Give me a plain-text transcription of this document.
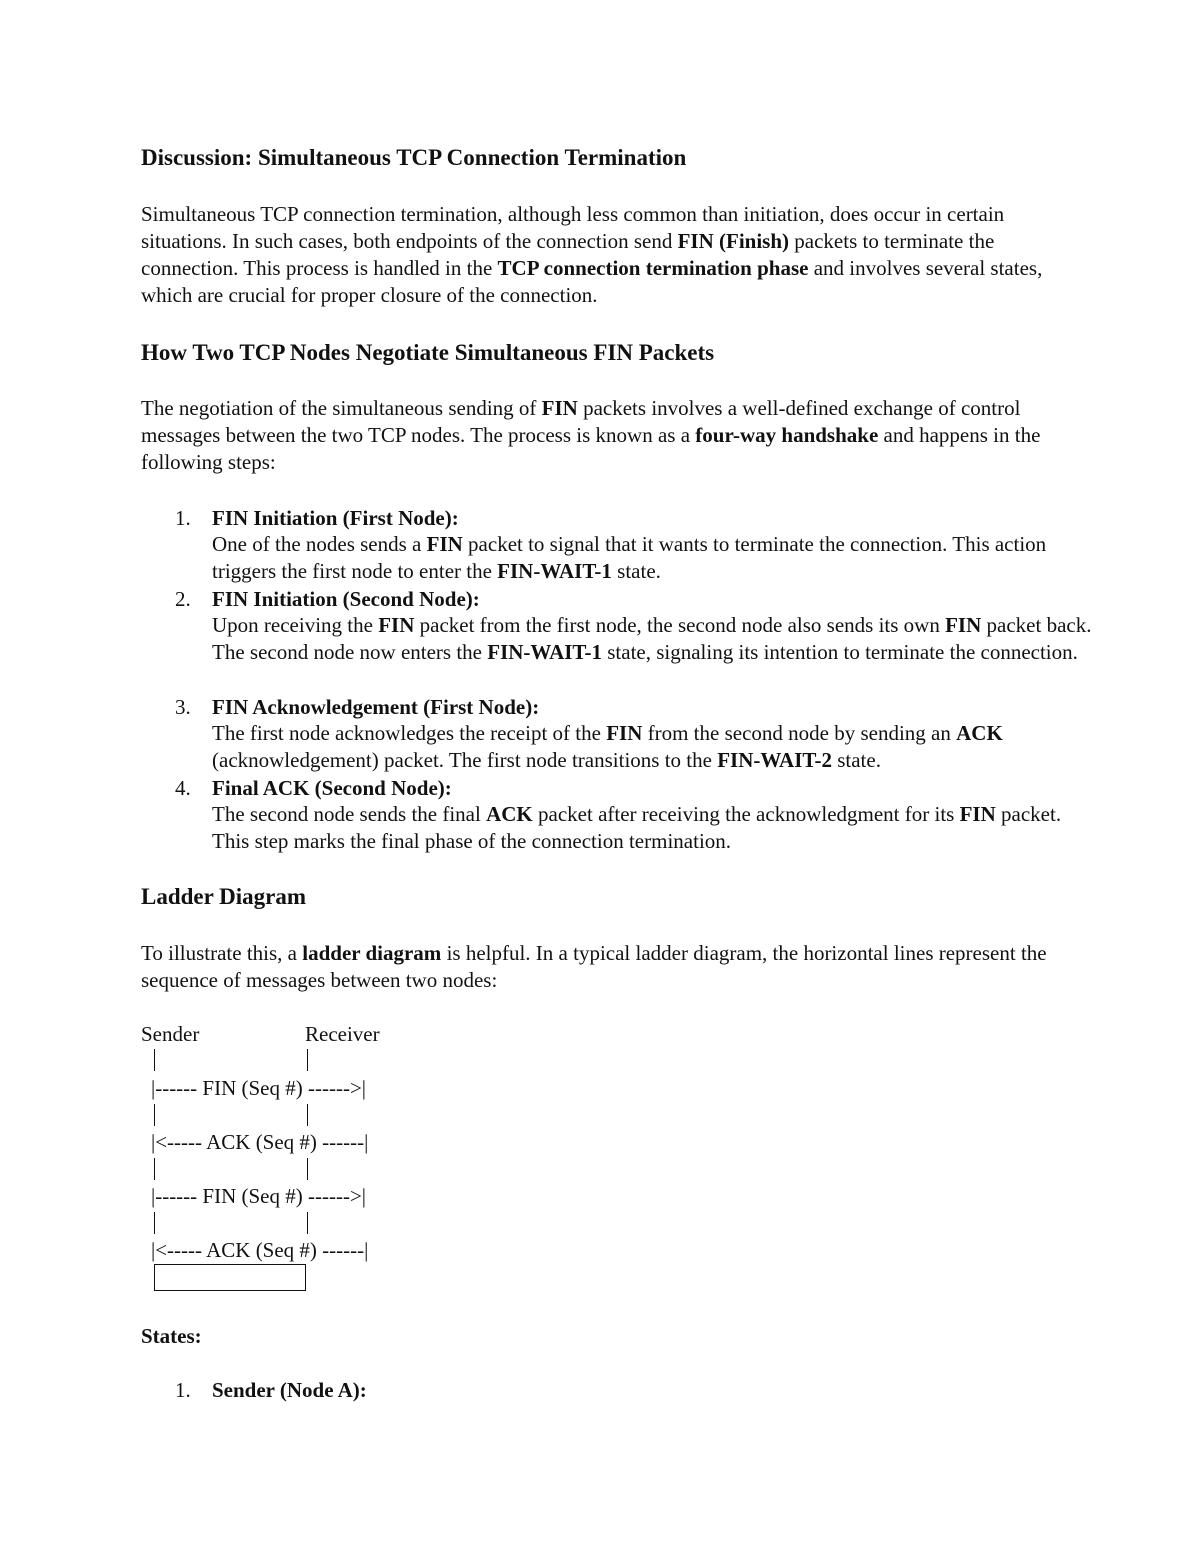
Discussion: Simultaneous TCP Connection Termination

Simultaneous TCP connection termination, although less common than initiation, does occur in certain situations. In such cases, both endpoints of the connection send FIN (Finish) packets to terminate the connection. This process is handled in the TCP connection termination phase and involves several states, which are crucial for proper closure of the connection.

How Two TCP Nodes Negotiate Simultaneous FIN Packets

The negotiation of the simultaneous sending of FIN packets involves a well-defined exchange of control messages between the two TCP nodes. The process is known as a four-way handshake and happens in the following steps:

1.	FIN Initiation (First Node):

One of the nodes sends a FIN packet to signal that it wants to terminate the connection. This action triggers the first node to enter the FIN-WAIT-1 state.

2.	FIN Initiation (Second Node):

Upon receiving the FIN packet from the first node, the second node also sends its own FIN packet back. The second node now enters the FIN-WAIT-1 state, signaling its intention to terminate the connection.

3.	FIN Acknowledgement (First Node):

The first node acknowledges the receipt of the FIN from the second node by sending an ACK (acknowledgement) packet. The first node transitions to the FIN-WAIT-2 state.

4.	Final ACK (Second Node):

The second node sends the final ACK packet after receiving the acknowledgment for its FIN packet. This step marks the final phase of the connection termination.

Ladder Diagram

To illustrate this, a ladder diagram is helpful. In a typical ladder diagram, the horizontal lines represent the sequence of messages between two nodes:

Sender	Receiver
|------ FIN (Seq #) ------>|
|<----- ACK (Seq #) ------|
|------ FIN (Seq #) ------>|
|<----- ACK (Seq #) ------|
States:
1.	Sender (Node A):
